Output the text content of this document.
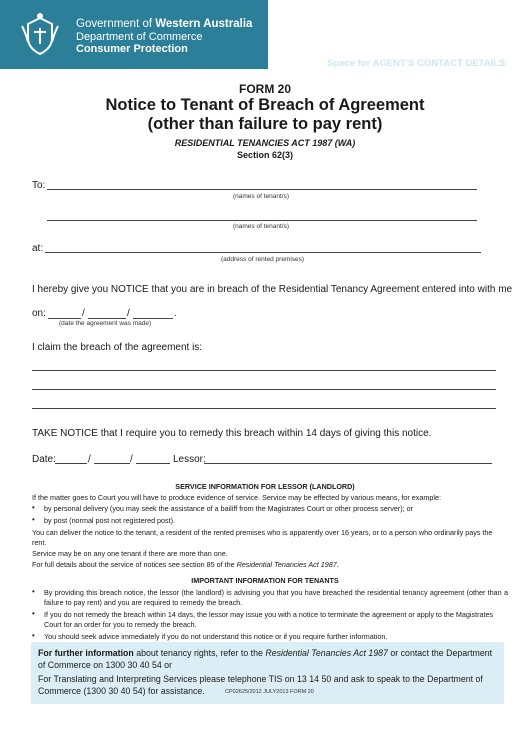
Government of Western Australia
Department of Commerce
Consumer Protection
Space for AGENT'S CONTACT DETAILS
FORM 20
Notice to Tenant of Breach of Agreement
(other than failure to pay rent)
RESIDENTIAL TENANCIES ACT 1987 (WA)
Section 62(3)
To:
(names of tenant/s)
(names of tenant/s)
at:
(address of rented premises)
I hereby give you NOTICE that you are in breach of the Residential Tenancy Agreement entered into with me
on:	/	/	.
(date the agreement was made)
I claim the breach of the agreement is:
TAKE NOTICE that I require you to remedy this breach within 14 days of giving this notice.
Date:	/	/	Lessor:
SERVICE INFORMATION FOR LESSOR (LANDLORD)
If the matter goes to Court you will have to produce evidence of service. Service may be effected by various means, for example:
• by personal delivery (you may seek the assistance of a bailiff from the Magistrates Court or other process server); or
• by post (normal post not registered post).
You can deliver the notice to the tenant, a resident of the rented premises who is apparently over 16 years, or to a person who ordinarily pays the rent.
Service may be on any one tenant if there are more than one.
For full details about the service of notices see section 85 of the Residential Tenancies Act 1987.
IMPORTANT INFORMATION FOR TENANTS
• By providing this breach notice, the lessor (the landlord) is advising you that you have breached the residential tenancy agreement (other than a failure to pay rent) and you are required to remedy the breach.
• If you do not remedy the breach within 14 days, the lessor may issue you with a notice to terminate the agreement or apply to the Magistrates Court for an order for you to remedy the breach.
• You should seek advice immediately if you do not understand this notice or if you require further information.
For further information about tenancy rights, refer to the Residential Tenancies Act 1987 or contact the Department of Commerce on 1300 30 40 54 or
For Translating and Interpreting Services please telephone TIS on 13 14 50 and ask to speak to the Department of Commerce (1300 30 40 54) for assistance.	CP02625/2012 JULY2013 FORM 20
